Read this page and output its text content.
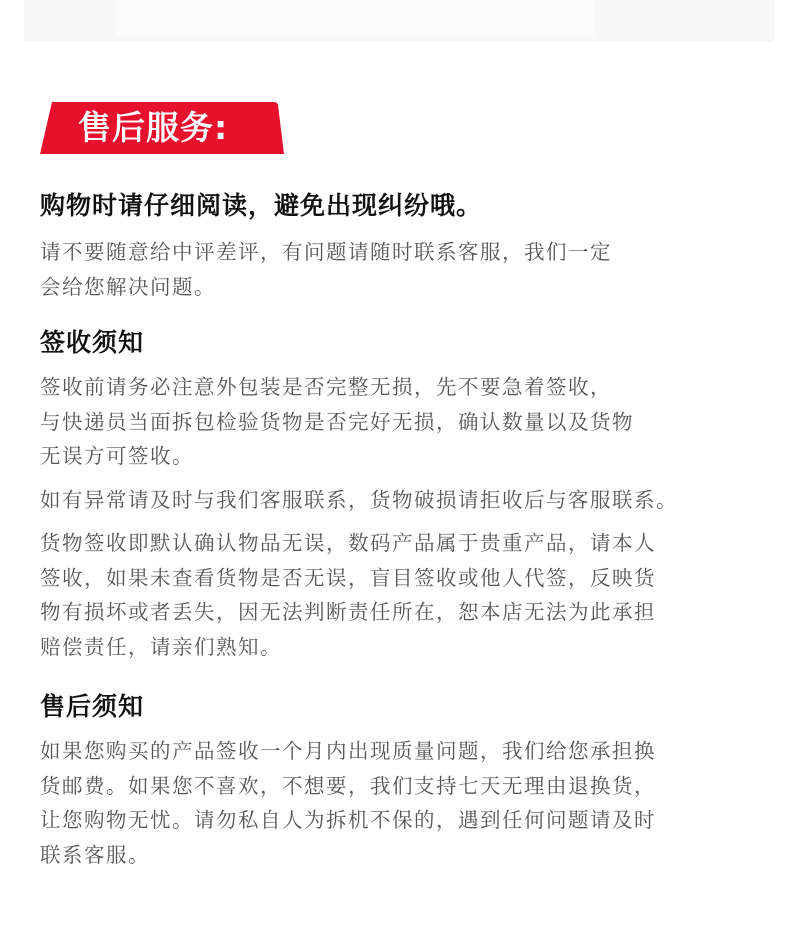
售后服务:
购物时请仔细阅读，避免出现纠纷哦。
请不要随意给中评差评，有问题请随时联系客服，我们一定
会给您解决问题。
签收须知
签收前请务必注意外包装是否完整无损，先不要急着签收，
与快递员当面拆包检验货物是否完好无损，确认数量以及货物
无误方可签收。
如有异常请及时与我们客服联系，货物破损请拒收后与客服联系。
货物签收即默认确认物品无误，数码产品属于贵重产品，请本人
签收，如果未查看货物是否无误，盲目签收或他人代签，反映货
物有损坏或者丢失，因无法判断责任所在，恕本店无法为此承担
赔偿责任，请亲们熟知。
售后须知
如果您购买的产品签收一个月内出现质量问题，我们给您承担换
货邮费。如果您不喜欢，不想要，我们支持七天无理由退换货，
让您购物无忧。请勿私自人为拆机不保的，遇到任何问题请及时
联系客服。
